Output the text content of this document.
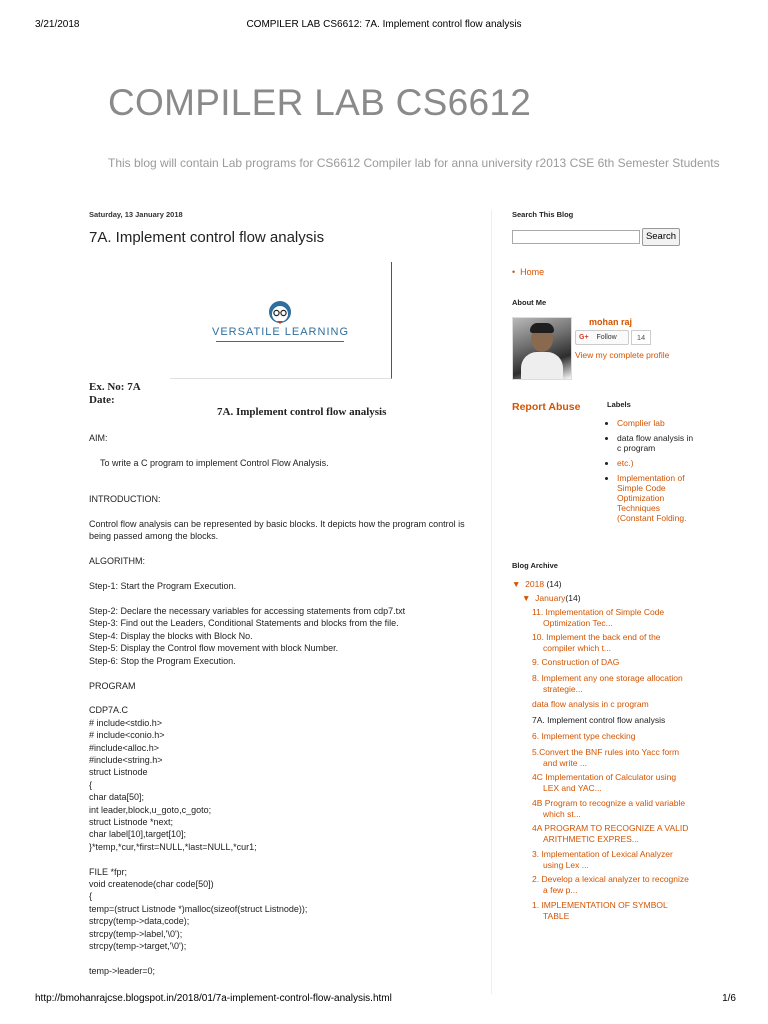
3/21/2018	COMPILER LAB CS6612: 7A. Implement control flow analysis
COMPILER LAB CS6612
This blog will contain Lab programs for CS6612 Compiler lab for anna university r2013 CSE 6th Semester Students
Saturday, 13 January 2018
7A. Implement control flow analysis
VERSATILE LEARNING
Ex. No: 7A
Date:
7A. Implement control flow analysis
AIM:
To write a C program to implement Control Flow Analysis.
INTRODUCTION:
Control flow analysis can be represented by basic blocks. It depicts how the program control is
being passed among the blocks.
ALGORITHM:
Step-1: Start the Program Execution.
Step-2: Declare the necessary variables for accessing statements from cdp7.txt
Step-3: Find out the Leaders, Conditional Statements and blocks from the file.
Step-4: Display the blocks with Block No.
Step-5: Display the Control flow movement with block Number.
Step-6: Stop the Program Execution.
PROGRAM
CDP7A.C
# include<stdio.h>
# include<conio.h>
#include<alloc.h>
#include<string.h>
struct Listnode
{
char data[50];
int leader,block,u_goto,c_goto;
struct Listnode *next;
char label[10],target[10];
}*temp,*cur,*first=NULL,*last=NULL,*cur1;
FILE *fpr;
void createnode(char code[50])
{
temp=(struct Listnode *)malloc(sizeof(struct Listnode));
strcpy(temp->data,code);
strcpy(temp->label,'\0');
strcpy(temp->target,'\0');
temp->leader=0;
Search This Blog
Search
• Home
About Me
mohan raj
G+ Follow	14
View my complete profile
Report Abuse	Labels
• Complier lab
• data flow analysis in c program
• etc.)
• Implementation of Simple Code Optimization Techniques (Constant Folding.
Blog Archive
▼ 2018 (14)
▼ January(14)
11. Implementation of Simple Code Optimization Tec...
10. Implement the back end of the compiler which t...
9. Construction of DAG
8. Implement any one storage allocation strategie...
data flow analysis in c program
7A. Implement control flow analysis
6. Implement type checking
5.Convert the BNF rules into Yacc form and write ...
4C Implementation of Calculator using LEX and YAC...
4B Program to recognize a valid variable which st...
4A PROGRAM TO RECOGNIZE A VALID ARITHMETIC EXPRES...
3. Implementation of Lexical Analyzer using Lex ...
2. Develop a lexical analyzer to recognize a few p...
1. IMPLEMENTATION OF SYMBOL TABLE
http://bmohanrajcse.blogspot.in/2018/01/7a-implement-control-flow-analysis.html	1/6
